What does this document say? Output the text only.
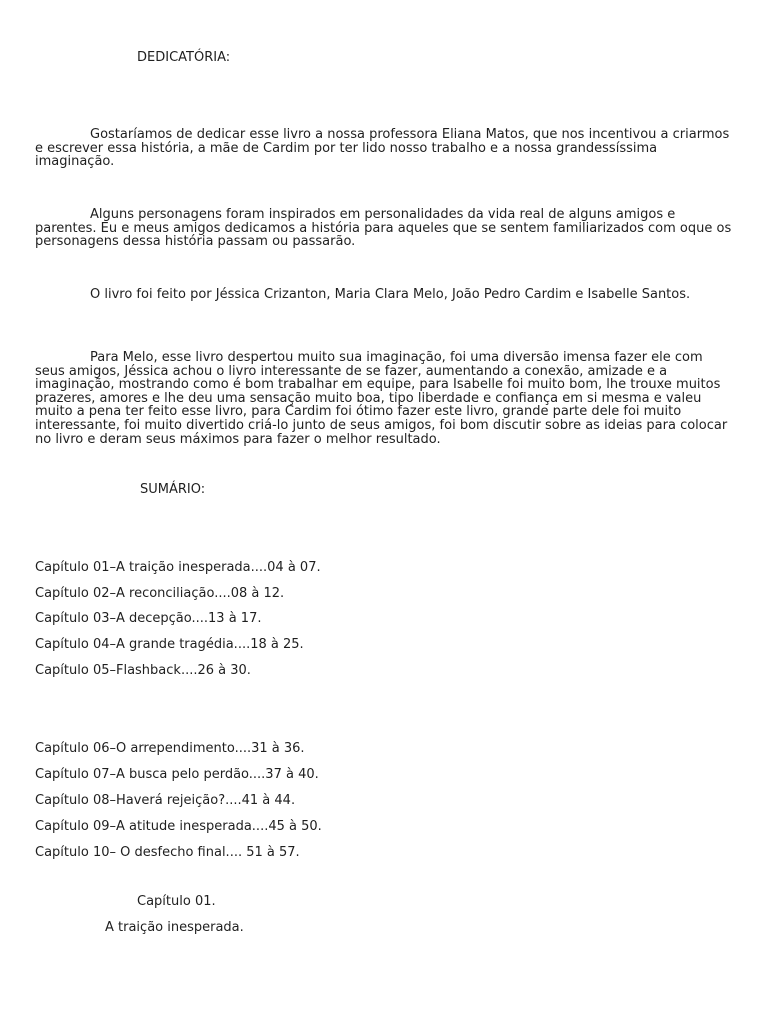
DEDICATÓRIA:

Gostaríamos de dedicar esse livro a nossa professora Eliana Matos, que nos incentivou a criarmos e escrever essa história, a mãe de Cardim por ter lido nosso trabalho e a nossa grandessíssima imaginação.

Alguns personagens foram inspirados em personalidades da vida real de alguns amigos e parentes. Eu e meus amigos dedicamos a história para aqueles que se sentem familiarizados com oque os personagens dessa história passam ou passarão.

O livro foi feito por Jéssica Crizanton, Maria Clara Melo, João Pedro Cardim e Isabelle Santos.

Para Melo, esse livro despertou muito sua imaginação, foi uma diversão imensa fazer ele com seus amigos, Jéssica achou o livro interessante de se fazer, aumentando a conexão, amizade e a imaginação, mostrando como é bom trabalhar em equipe, para Isabelle foi muito bom, lhe trouxe muitos prazeres, amores e lhe deu uma sensação muito boa, tipo liberdade e confiança em si mesma e valeu muito a pena ter feito esse livro, para Cardim foi ótimo fazer este livro, grande parte dele foi muito interessante, foi muito divertido criá-lo junto de seus amigos, foi bom discutir sobre as ideias para colocar no livro e deram seus máximos para fazer o melhor resultado.

SUMÁRIO:

Capítulo 01–A traição inesperada....04 à 07.

Capítulo 02–A reconciliação....08 à 12.

Capítulo 03–A decepção....13 à 17.

Capítulo 04–A grande tragédia....18 à 25.

Capítulo 05–Flashback....26 à 30.

Capítulo 06–O arrependimento....31 à 36.

Capítulo 07–A busca pelo perdão....37 à 40.

Capítulo 08–Haverá rejeição?....41 à 44.

Capítulo 09–A atitude inesperada....45 à 50.

Capítulo 10– O desfecho final.... 51 à 57.

Capítulo 01.

A traição inesperada.
